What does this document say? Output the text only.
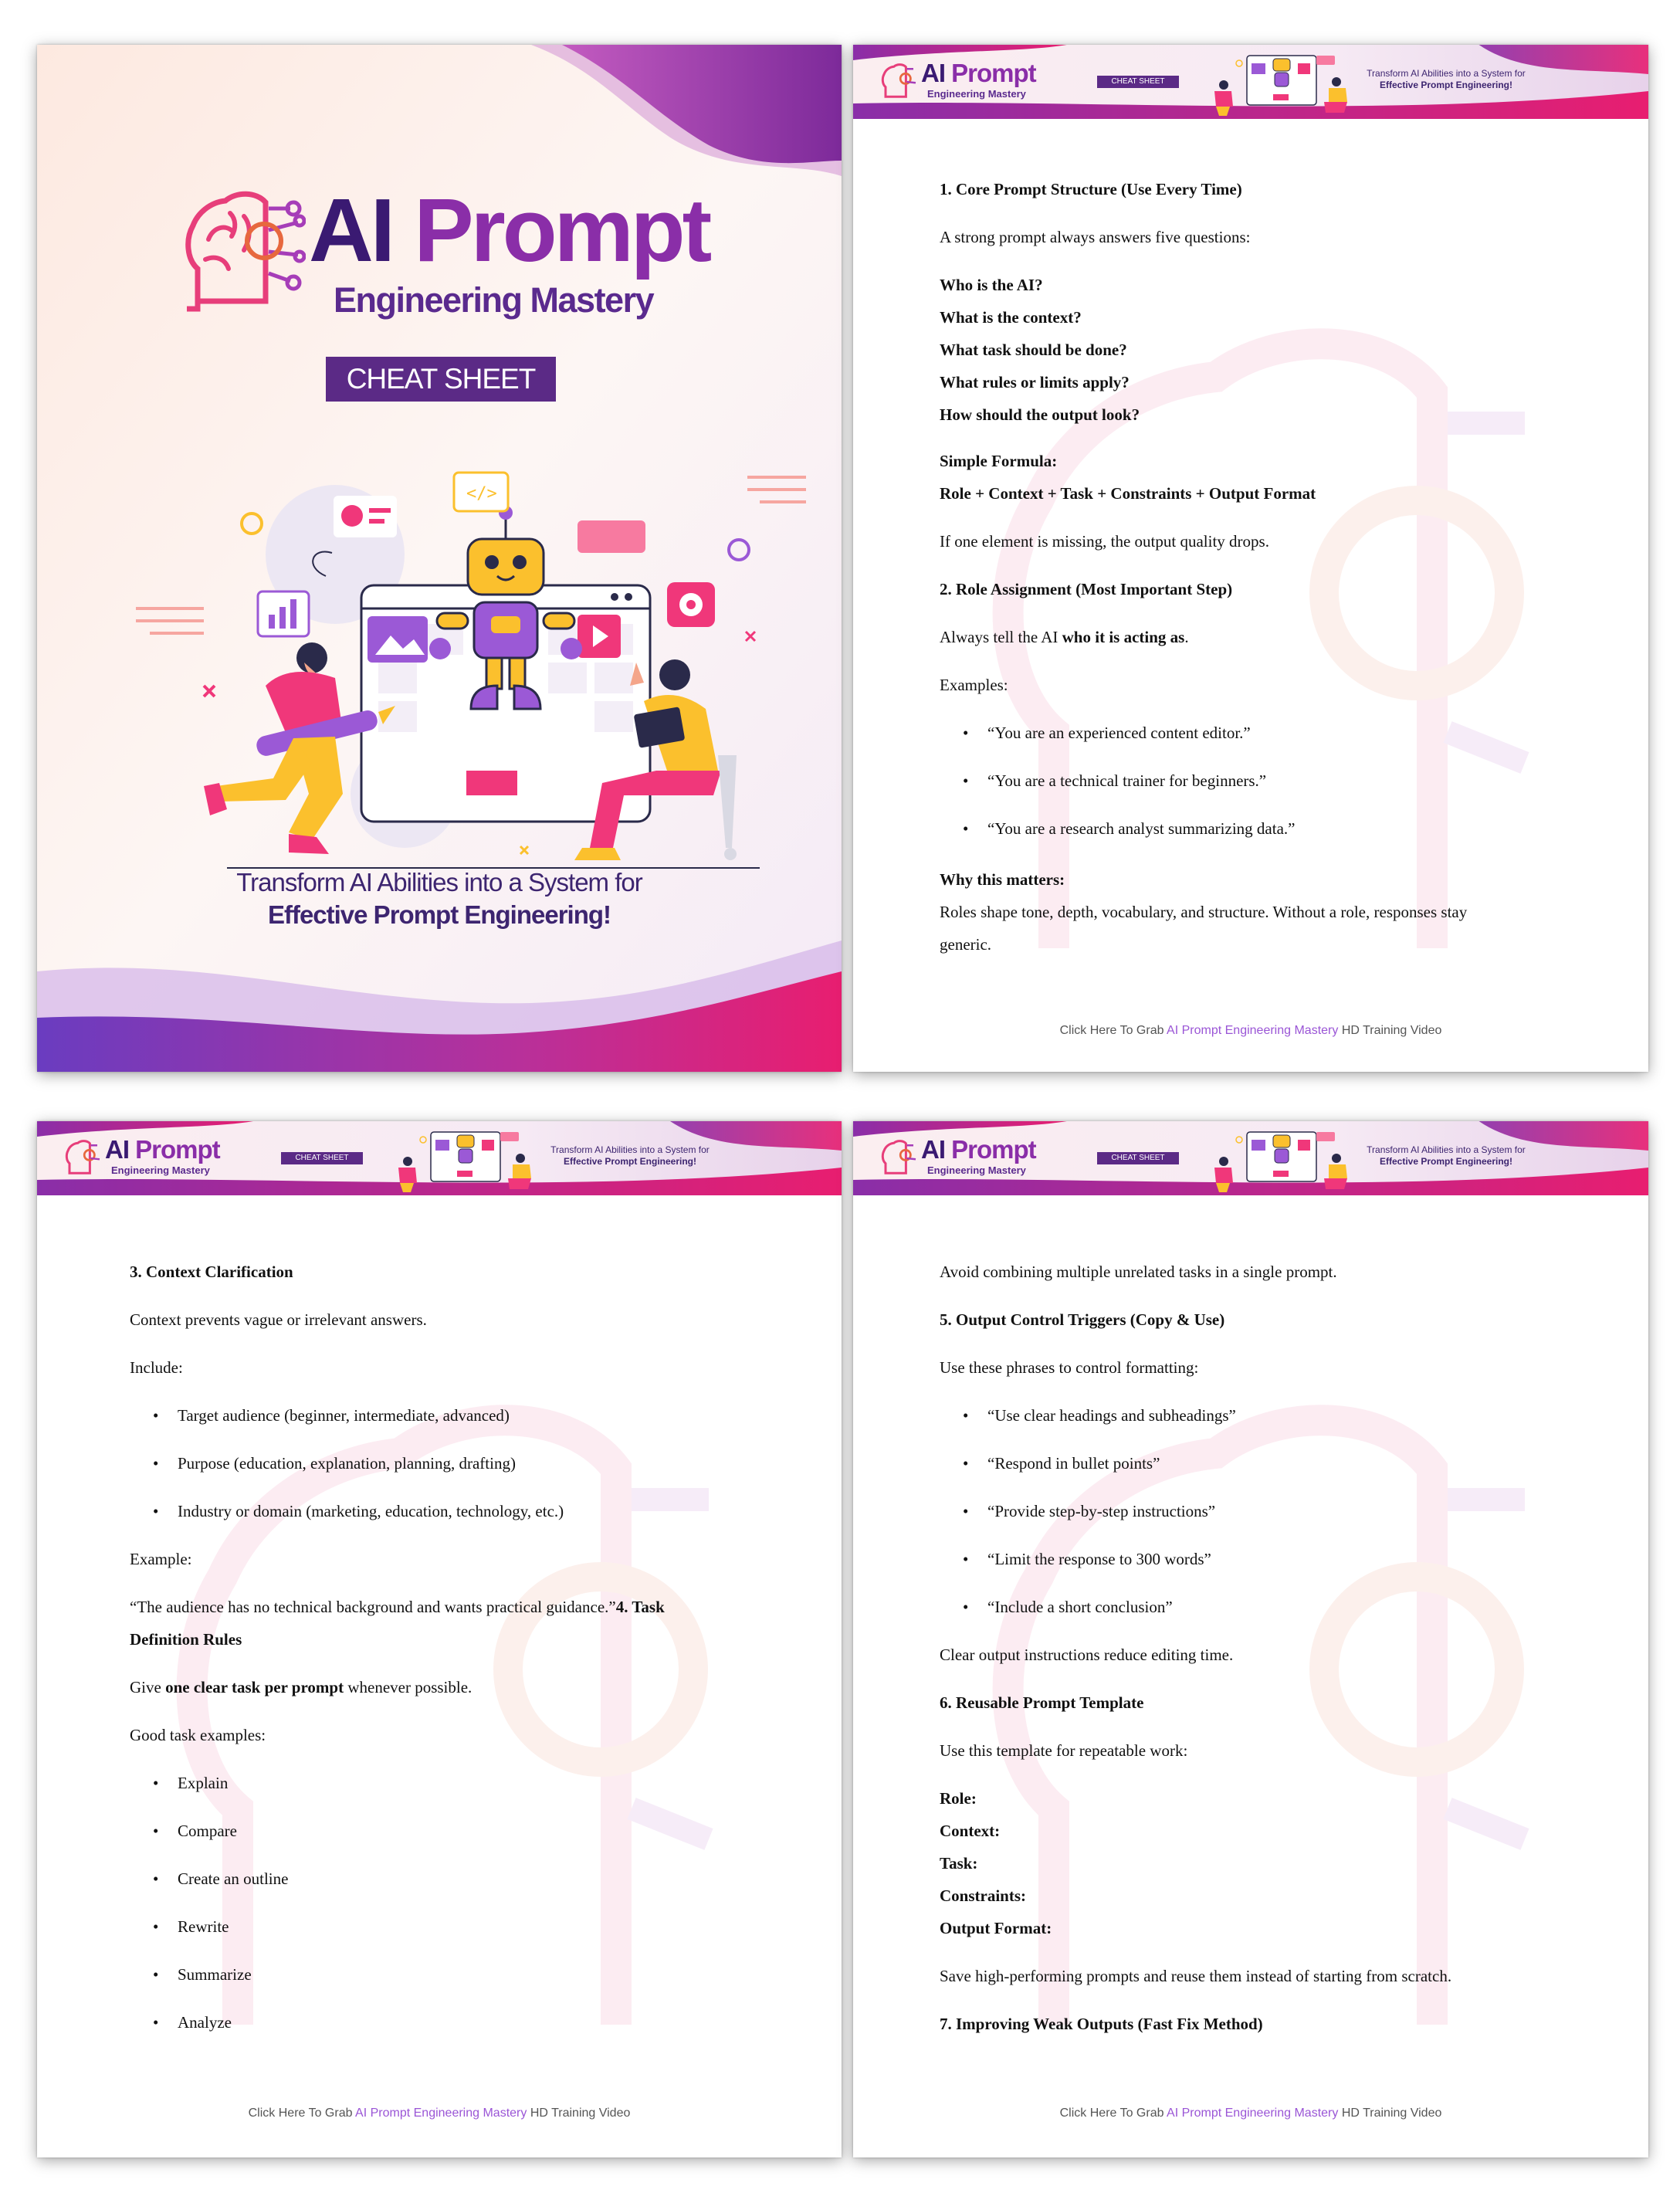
AI Prompt
Engineering Mastery
CHEAT SHEET
</>
Transform AI Abilities into a System for
Effective Prompt Engineering!
AI Prompt
Engineering Mastery
CHEAT SHEET
Transform AI Abilities into a System for
Effective Prompt Engineering!
1. Core Prompt Structure (Use Every Time)
A strong prompt always answers five questions:
Who is the AI?
What is the context?
What task should be done?
What rules or limits apply?
How should the output look?
Simple Formula:
Role + Context + Task + Constraints + Output Format
If one element is missing, the output quality drops.
2. Role Assignment (Most Important Step)
Always tell the AI who it is acting as.
Examples:
• “You are an experienced content editor.”
• “You are a technical trainer for beginners.”
• “You are a research analyst summarizing data.”
Why this matters:
Roles shape tone, depth, vocabulary, and structure. Without a role, responses stay
generic.
Click Here To Grab AI Prompt Engineering Mastery HD Training Video
AI Prompt
Engineering Mastery
CHEAT SHEET
Transform AI Abilities into a System for
Effective Prompt Engineering!
3. Context Clarification
Context prevents vague or irrelevant answers.
Include:
• Target audience (beginner, intermediate, advanced)
• Purpose (education, explanation, planning, drafting)
• Industry or domain (marketing, education, technology, etc.)
Example:
“The audience has no technical background and wants practical guidance.”4. Task
Definition Rules
Give one clear task per prompt whenever possible.
Good task examples:
• Explain
• Compare
• Create an outline
• Rewrite
• Summarize
• Analyze
Click Here To Grab AI Prompt Engineering Mastery HD Training Video
AI Prompt
Engineering Mastery
CHEAT SHEET
Transform AI Abilities into a System for
Effective Prompt Engineering!
Avoid combining multiple unrelated tasks in a single prompt.
5. Output Control Triggers (Copy & Use)
Use these phrases to control formatting:
• “Use clear headings and subheadings”
• “Respond in bullet points”
• “Provide step-by-step instructions”
• “Limit the response to 300 words”
• “Include a short conclusion”
Clear output instructions reduce editing time.
6. Reusable Prompt Template
Use this template for repeatable work:
Role:
Context:
Task:
Constraints:
Output Format:
Save high-performing prompts and reuse them instead of starting from scratch.
7. Improving Weak Outputs (Fast Fix Method)
Click Here To Grab AI Prompt Engineering Mastery HD Training Video
